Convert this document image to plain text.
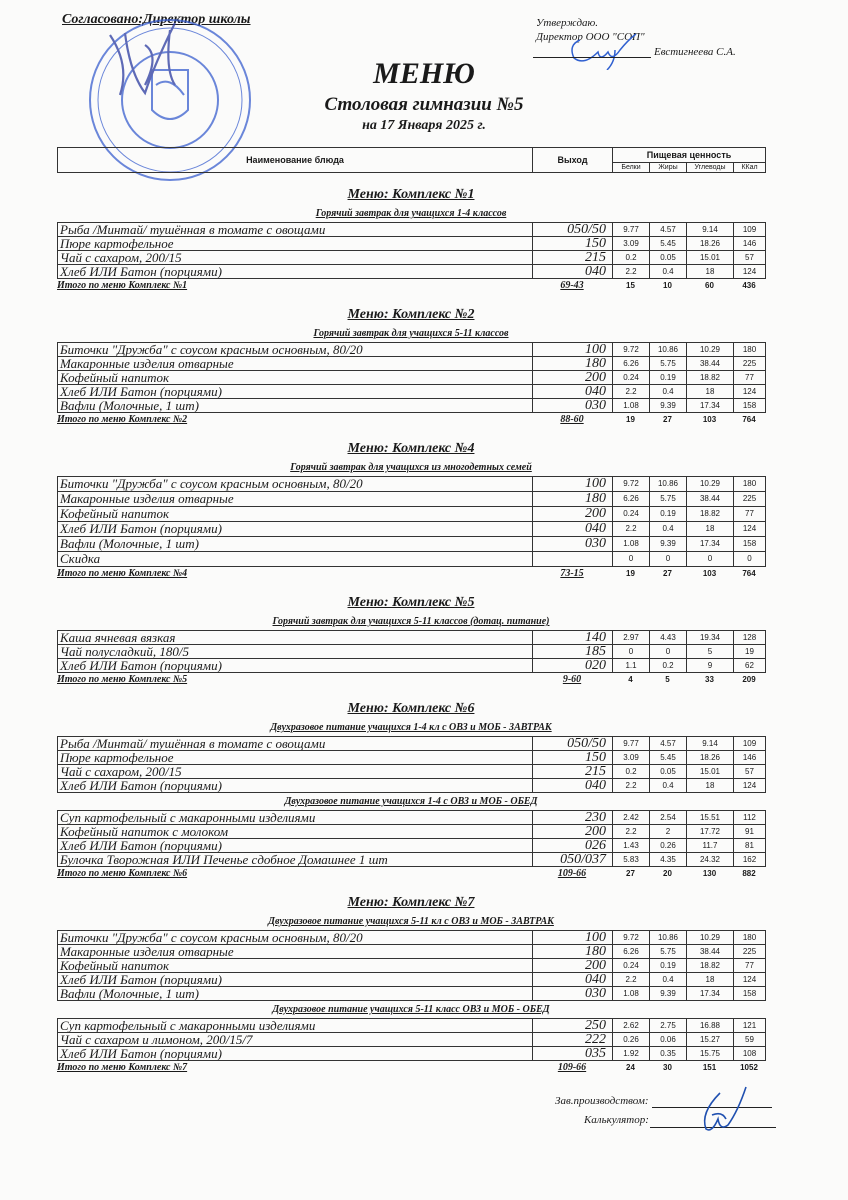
Согласовано:Директор школы	Утверждаю.
Директор ООО "СОП"
Евстигнеева С.А.
МЕНЮ
Столовая гимназии №5
на 17 Января 2025 г.
Наименование блюда	Выход	Пищевая ценность			
		Белки	Жиры	Углеводы	ККал
Меню: Комплекс №1
Горячий завтрак для учащихся 1-4 классов
Рыба /Минтай/ тушённая в томате с овощами	050/50	9.77	4.57	9.14	109
Пюре картофельное	150	3.09	5.45	18.26	146
Чай с сахаром, 200/15	215	0.2	0.05	15.01	57
Хлеб ИЛИ Батон (порциями)	040	2.2	0.4	18	124
Итого по меню Комплекс №1	69-43	15	10	60	436
Меню: Комплекс №2
Горячий завтрак для учащихся 5-11 классов
Биточки "Дружба" с соусом красным основным, 80/20	100	9.72	10.86	10.29	180
Макаронные изделия отварные	180	6.26	5.75	38.44	225
Кофейный напиток	200	0.24	0.19	18.82	77
Хлеб ИЛИ Батон (порциями)	040	2.2	0.4	18	124
Вафли (Молочные, 1 шт)	030	1.08	9.39	17.34	158
Итого по меню Комплекс №2	88-60	19	27	103	764
Меню: Комплекс №4
Горячий завтрак для учащихся из многодетных семей
Биточки "Дружба" с соусом красным основным, 80/20	100	9.72	10.86	10.29	180
Макаронные изделия отварные	180	6.26	5.75	38.44	225
Кофейный напиток	200	0.24	0.19	18.82	77
Хлеб ИЛИ Батон (порциями)	040	2.2	0.4	18	124
Вафли (Молочные, 1 шт)	030	1.08	9.39	17.34	158
Скидка		0	0	0	0
Итого по меню Комплекс №4	73-15	19	27	103	764
Меню: Комплекс №5
Горячий завтрак для учащихся 5-11 классов (дотац. питание)
Каша ячневая вязкая	140	2.97	4.43	19.34	128
Чай полусладкий, 180/5	185	0	0	5	19
Хлеб ИЛИ Батон (порциями)	020	1.1	0.2	9	62
Итого по меню Комплекс №5	9-60	4	5	33	209
Меню: Комплекс №6
Двухразовое питание учащихся 1-4 кл с ОВЗ и МОБ - ЗАВТРАК
Рыба /Минтай/ тушённая в томате с овощами	050/50	9.77	4.57	9.14	109
Пюре картофельное	150	3.09	5.45	18.26	146
Чай с сахаром, 200/15	215	0.2	0.05	15.01	57
Хлеб ИЛИ Батон (порциями)	040	2.2	0.4	18	124
Двухразовое питание учащихся 1-4 с ОВЗ и МОБ - ОБЕД
Суп картофельный с макаронными изделиями	230	2.42	2.54	15.51	112
Кофейный напиток с молоком	200	2.2	2	17.72	91
Хлеб ИЛИ Батон (порциями)	026	1.43	0.26	11.7	81
Булочка Творожная ИЛИ Печенье сдобное Домашнее 1 шт	050/037	5.83	4.35	24.32	162
Итого по меню Комплекс №6	109-66	27	20	130	882
Меню: Комплекс №7
Двухразовое питание учащихся 5-11 кл с ОВЗ и МОБ - ЗАВТРАК
Биточки "Дружба" с соусом красным основным, 80/20	100	9.72	10.86	10.29	180
Макаронные изделия отварные	180	6.26	5.75	38.44	225
Кофейный напиток	200	0.24	0.19	18.82	77
Хлеб ИЛИ Батон (порциями)	040	2.2	0.4	18	124
Вафли (Молочные, 1 шт)	030	1.08	9.39	17.34	158
Двухразовое питание учащихся 5-11 класс ОВЗ и МОБ - ОБЕД
Суп картофельный с макаронными изделиями	250	2.62	2.75	16.88	121
Чай с сахаром и лимоном, 200/15/7	222	0.26	0.06	15.27	59
Хлеб ИЛИ Батон (порциями)	035	1.92	0.35	15.75	108
Итого по меню Комплекс №7	109-66	24	30	151	1052
Зав.производством:
Калькулятор:
